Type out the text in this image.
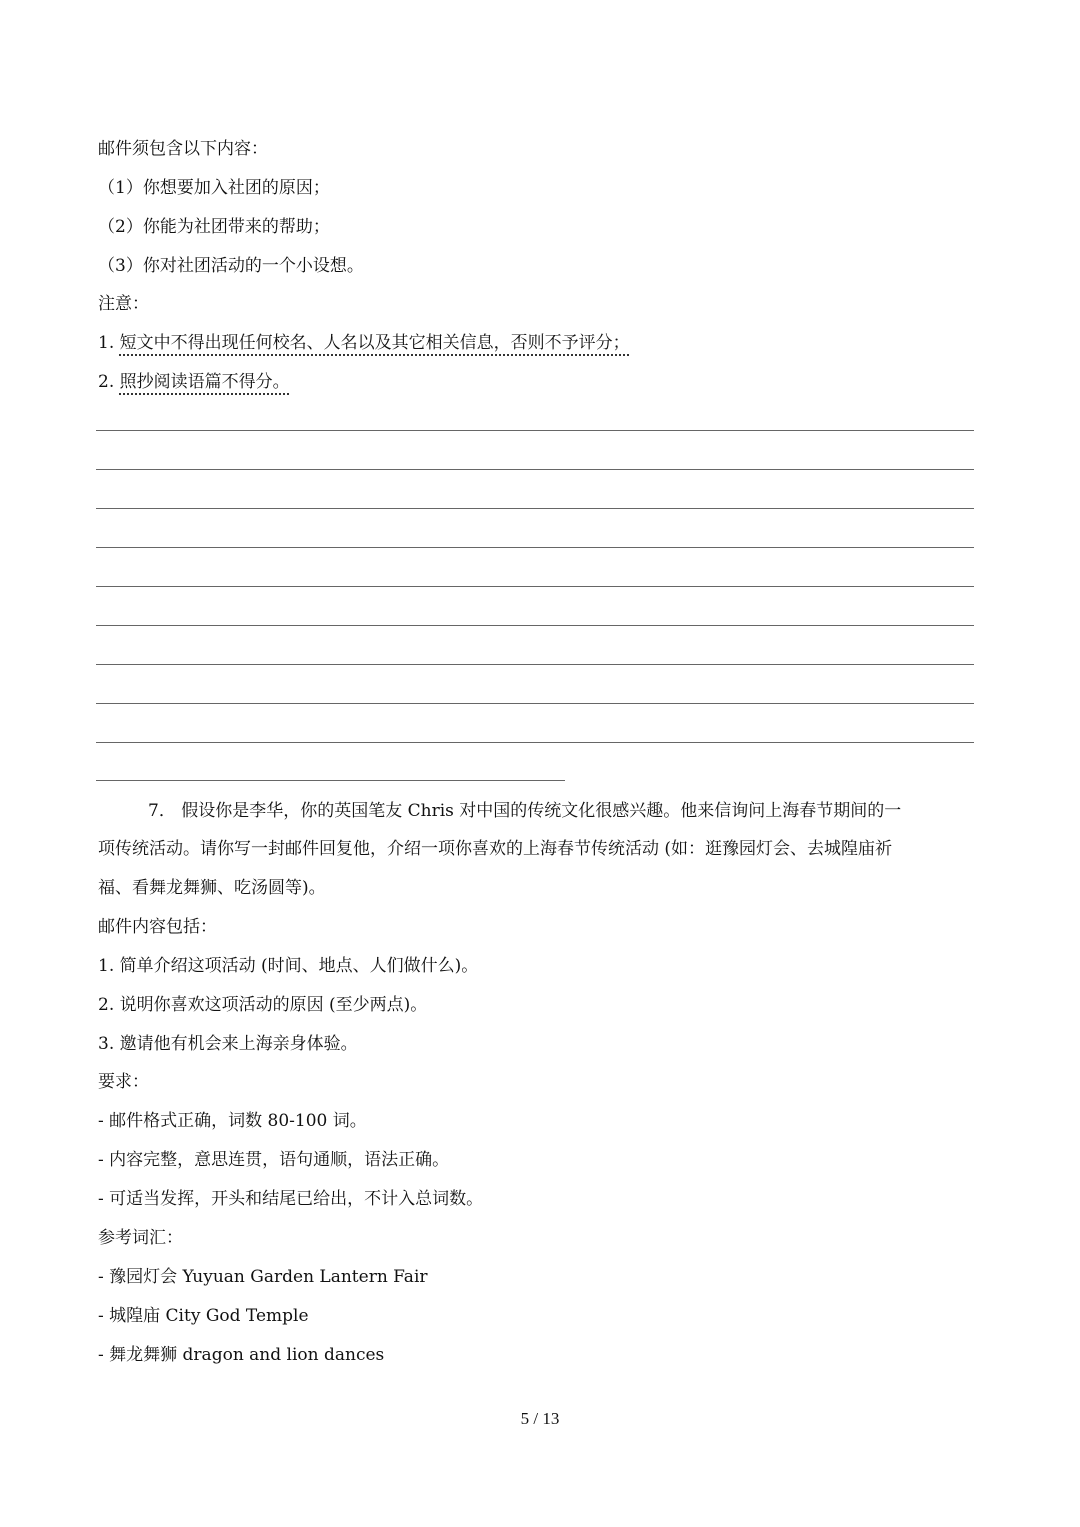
邮件须包含以下内容：
（1）你想要加入社团的原因；
（2）你能为社团带来的帮助；
（3）你对社团活动的一个小设想。
注意：
1. 短文中不得出现任何校名、人名以及其它相关信息，否则不予评分；
2. 照抄阅读语篇不得分。
7． 假设你是李华，你的英国笔友 Chris 对中国的传统文化很感兴趣。他来信询问上海春节期间的一
项传统活动。请你写一封邮件回复他，介绍一项你喜欢的上海春节传统活动 (如：逛豫园灯会、去城隍庙祈
福、看舞龙舞狮、吃汤圆等)。
邮件内容包括：
1. 简单介绍这项活动 (时间、地点、人们做什么)。
2. 说明你喜欢这项活动的原因 (至少两点)。
3. 邀请他有机会来上海亲身体验。
要求：
- 邮件格式正确，词数 80-100 词。
- 内容完整，意思连贯，语句通顺，语法正确。
- 可适当发挥，开头和结尾已给出，不计入总词数。
参考词汇：
- 豫园灯会 Yuyuan Garden Lantern Fair
- 城隍庙 City God Temple
- 舞龙舞狮 dragon and lion dances
5 / 13
